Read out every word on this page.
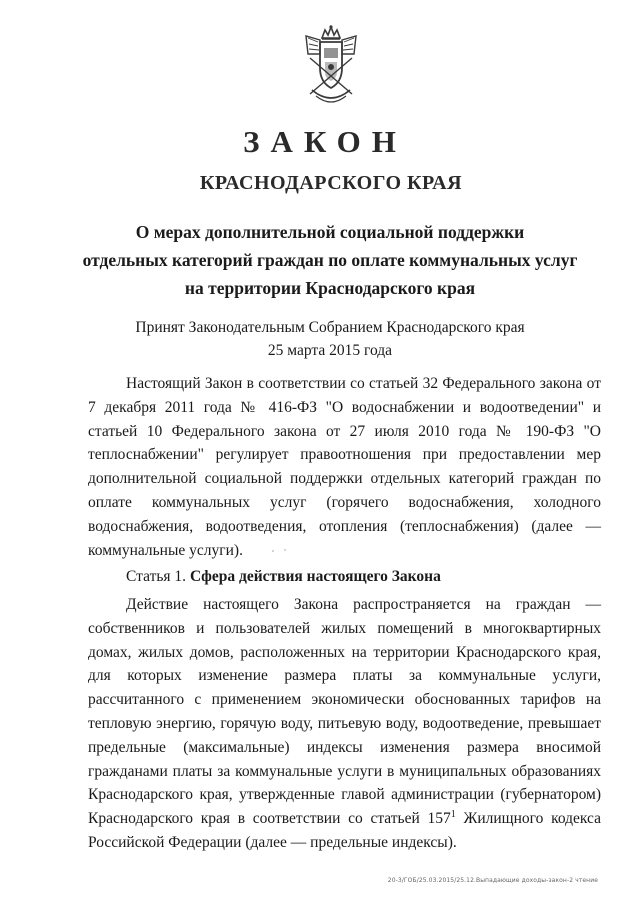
ЗАКОН
КРАСНОДАРСКОГО КРАЯ
О мерах дополнительной социальной поддержки
отдельных категорий граждан по оплате коммунальных услуг
на территории Краснодарского края
Принят Законодательным Собранием Краснодарского края
25 марта 2015 года
Настоящий Закон в соответствии со статьей 32 Федерального закона от 7 декабря 2011 года № 416-ФЗ "О водоснабжении и водоотведении" и статьей 10 Федерального закона от 27 июля 2010 года № 190-ФЗ "О теплоснабжении" регулирует правоотношения при предоставлении мер дополнительной социальной поддержки отдельных категорий граждан по оплате коммунальных услуг (горячего водоснабжения, холодного водоснабжения, водоотведения, отопления (теплоснабжения) (далее — коммунальные услуги).
Статья 1. Сфера действия настоящего Закона
Действие настоящего Закона распространяется на граждан — собственников и пользователей жилых помещений в многоквартирных домах, жилых домов, расположенных на территории Краснодарского края, для которых изменение размера платы за коммунальные услуги, рассчитанного с применением экономически обоснованных тарифов на тепловую энергию, горячую воду, питьевую воду, водоотведение, превышает предельные (максимальные) индексы изменения размера вносимой гражданами платы за коммунальные услуги в муниципальных образованиях Краснодарского края, утвержденные главой администрации (губернатором) Краснодарского края в соответствии со статьей $157^1$ Жилищного кодекса Российской Федерации (далее — предельные индексы).
20-3/ГОБ/25.03.2015/25.12.Выпадающие доходы-закон-2 чтение
